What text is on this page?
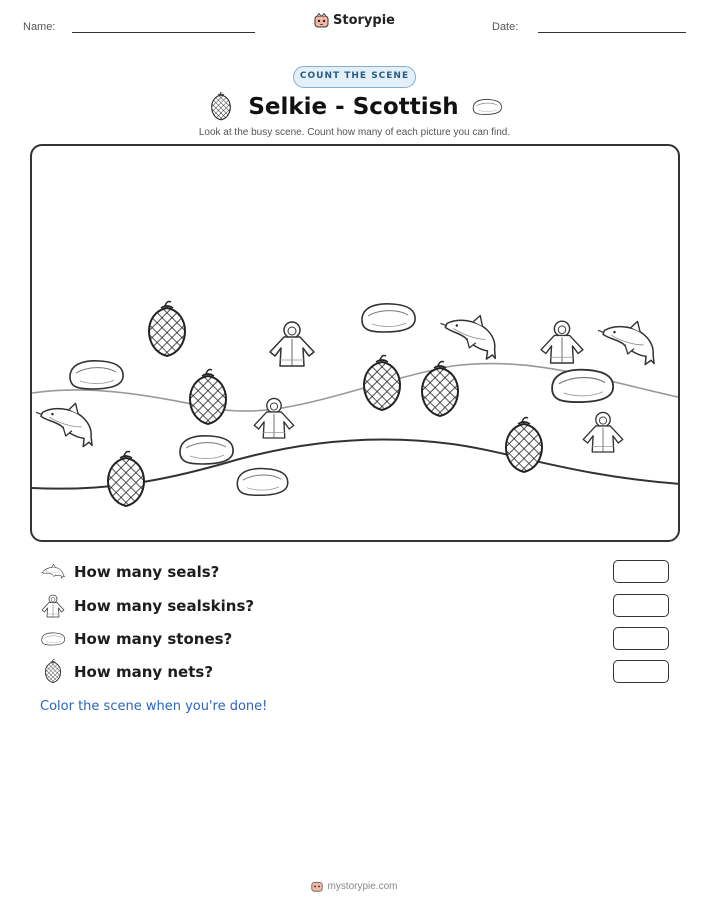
Name:	Storypie	Date:
COUNT THE SCENE
Selkie - Scottish
Look at the busy scene. Count how many of each picture you can find.
How many seals?
How many sealskins?
How many stones?
How many nets?
Color the scene when you're done!
mystorypie.com
